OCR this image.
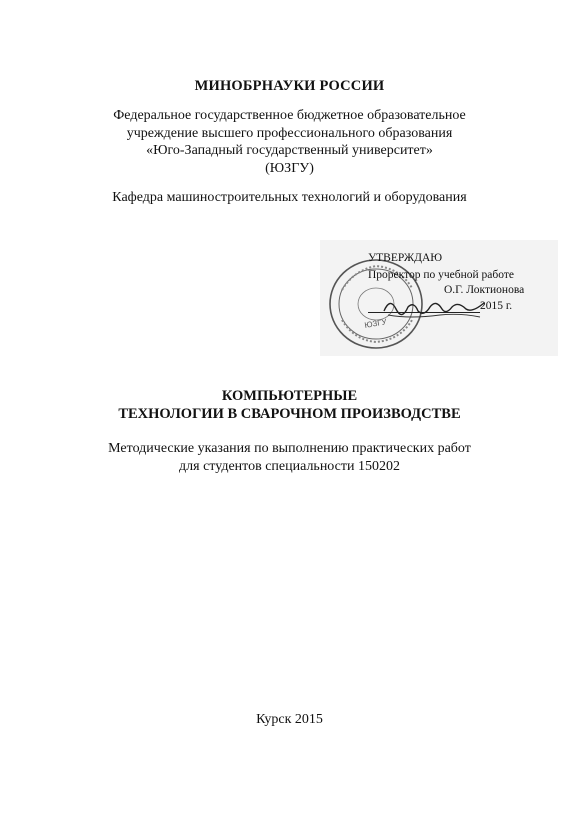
МИНОБРНАУКИ РОССИИ
Федеральное государственное бюджетное образовательное
учреждение высшего профессионального образования
«Юго-Западный государственный университет»
(ЮЗГУ)
Кафедра машиностроительных технологий и оборудования
ЮЗГУ
УТВЕРЖДАЮ
Проректор по учебной работе
О.Г. Локтионова
2015 г.
КОМПЬЮТЕРНЫЕ
ТЕХНОЛОГИИ В СВАРОЧНОМ ПРОИЗВОДСТВЕ
Методические указания по выполнению практических работ
для студентов специальности 150202
Курск 2015
